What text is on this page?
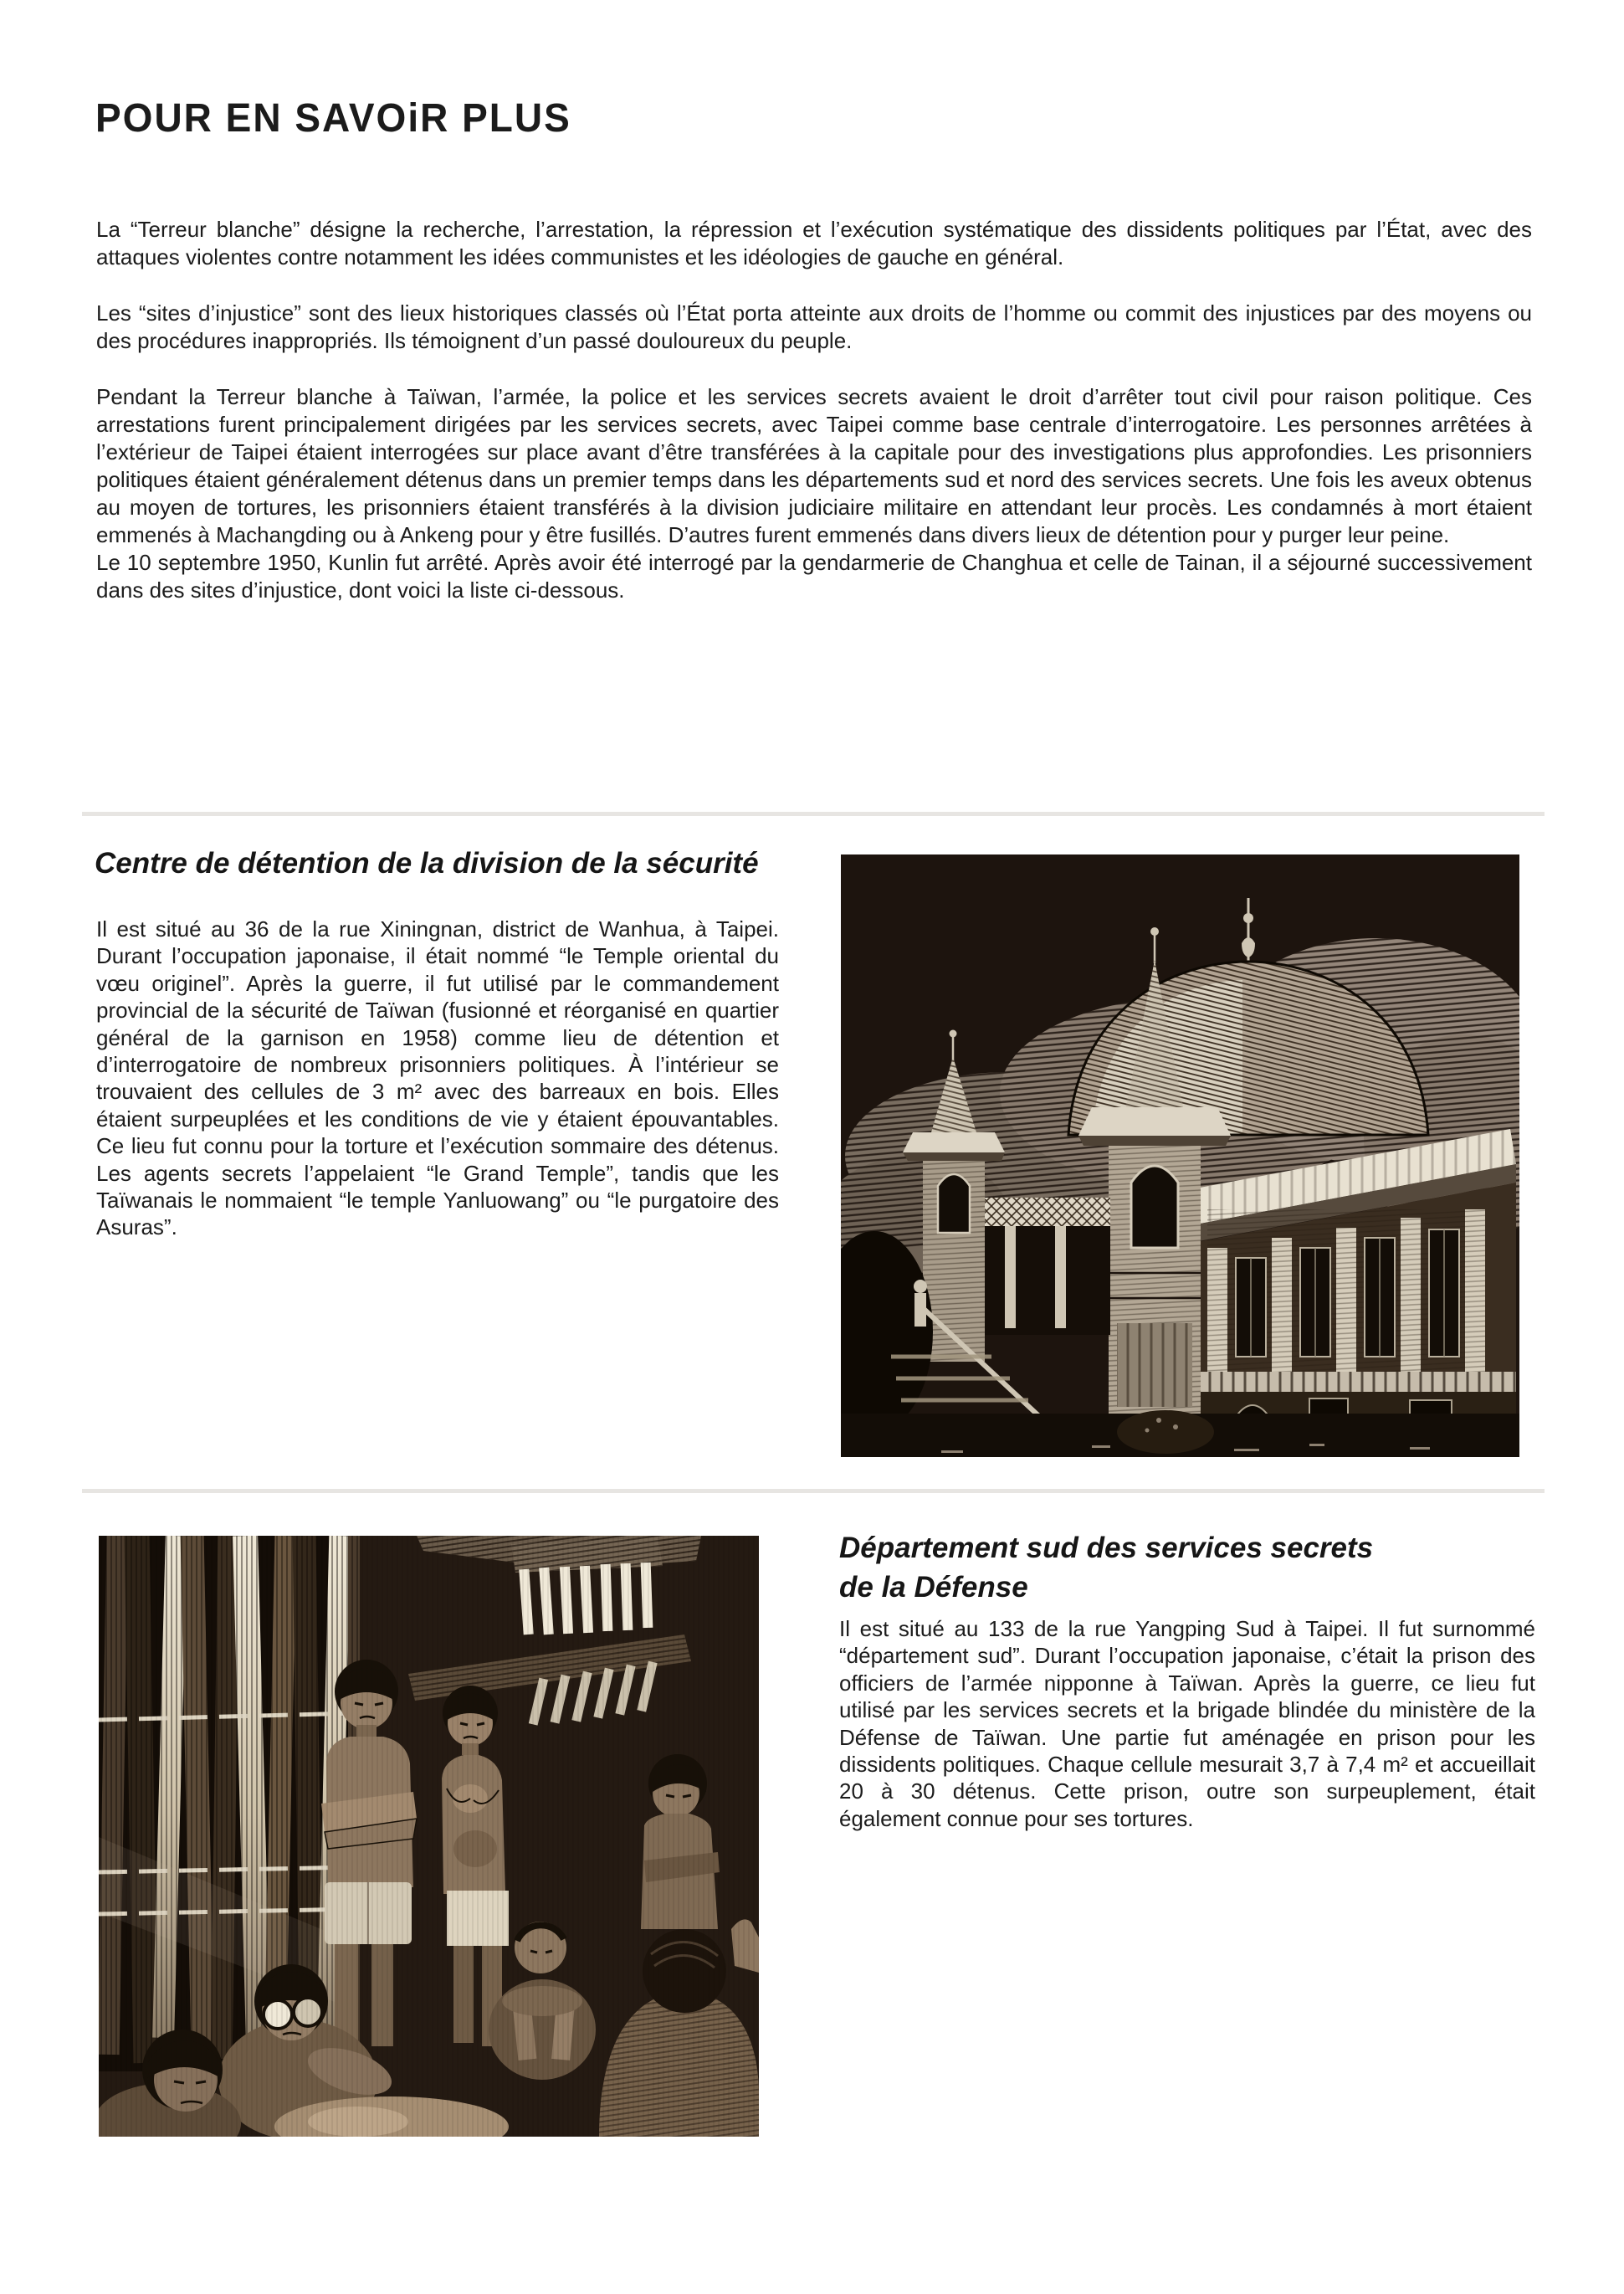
POUR EN SAVOiR PLUS

La “Terreur blanche” désigne la recherche, l’arrestation, la répression et l’exécution systématique des dissidents politiques par l’État, avec des attaques violentes contre notamment les idées communistes et les idéologies de gauche en général.

Les “sites d’injustice” sont des lieux historiques classés où l’État porta atteinte aux droits de l’homme ou commit des injustices par des moyens ou des procédures inappropriés. Ils témoignent d’un passé douloureux du peuple.

Pendant la Terreur blanche à Taïwan, l’armée, la police et les services secrets avaient le droit d’arrêter tout civil pour raison politique. Ces arrestations furent principalement dirigées par les services secrets, avec Taipei comme base centrale d’interrogatoire. Les personnes arrêtées à l’extérieur de Taipei étaient interrogées sur place avant d’être transférées à la capitale pour des investigations plus approfondies. Les prisonniers politiques étaient généralement détenus dans un premier temps dans les départements sud et nord des services secrets. Une fois les aveux obtenus au moyen de tortures, les prisonniers étaient transférés à la division judiciaire militaire en attendant leur procès. Les condamnés à mort étaient emmenés à Machangding ou à Ankeng pour y être fusillés. D’autres furent emmenés dans divers lieux de détention pour y purger leur peine.

Le 10 septembre 1950, Kunlin fut arrêté. Après avoir été interrogé par la gendarmerie de Changhua et celle de Tainan, il a séjourné successivement dans des sites d’injustice, dont voici la liste ci-dessous.

Centre de détention de la division de la sécurité

Il est situé au 36 de la rue Xiningnan, district de Wanhua, à Taipei. Durant l’occupation japonaise, il était nommé “le Temple oriental du vœu originel”. Après la guerre, il fut utilisé par le commandement provincial de la sécurité de Taïwan (fusionné et réorganisé en quartier général de la garnison en 1958) comme lieu de détention et d’interrogatoire de nombreux prisonniers politiques. À l’intérieur se trouvaient des cellules de 3 m² avec des barreaux en bois. Elles étaient surpeuplées et les conditions de vie y étaient épouvantables. Ce lieu fut connu pour la torture et l’exécution sommaire des détenus. Les agents secrets l’appelaient “le Grand Temple”, tandis que les Taïwanais le nommaient “le temple Yanluowang” ou “le purgatoire des Asuras”.

Département sud des services secrets
de la Défense

Il est situé au 133 de la rue Yangping Sud à Taipei. Il fut surnommé “département sud”. Durant l’occupation japonaise, c’était la prison des officiers de l’armée nipponne à Taïwan. Après la guerre, ce lieu fut utilisé par les services secrets et la brigade blindée du ministère de la Défense de Taïwan. Une partie fut aménagée en prison pour les dissidents politiques. Chaque cellule mesurait 3,7 à 7,4 m² et accueillait 20 à 30 détenus. Cette prison, outre son surpeuplement, était également connue pour ses tortures.
